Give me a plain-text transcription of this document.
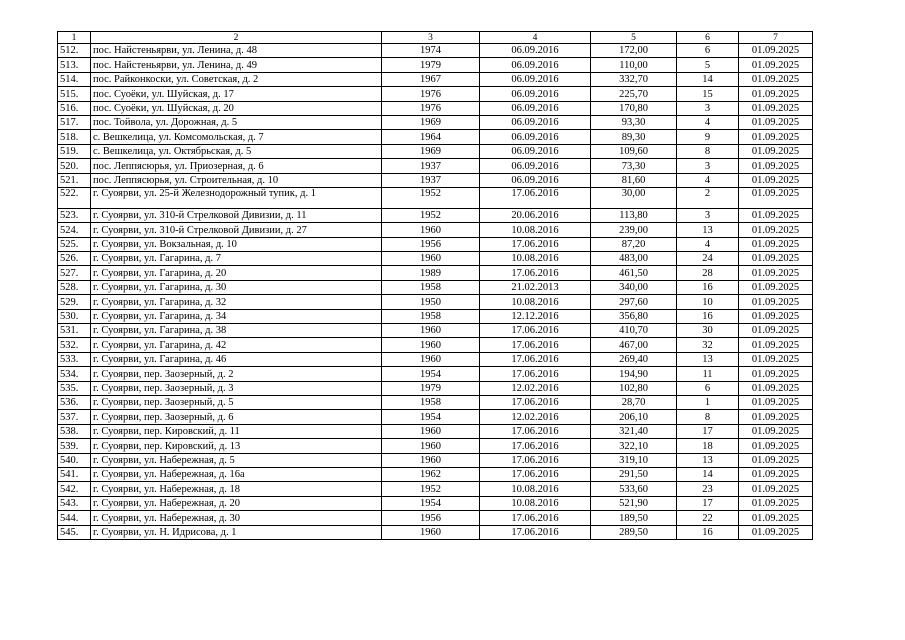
1	2	3	4	5	6	7
512.	пос. Найстеньярви, ул. Ленина, д. 48	1974	06.09.2016	172,00	6	01.09.2025
513.	пос. Найстеньярви, ул. Ленина, д. 49	1979	06.09.2016	110,00	5	01.09.2025
514.	пос. Райконкоски, ул. Советская, д. 2	1967	06.09.2016	332,70	14	01.09.2025
515.	пос. Суоёки, ул. Шуйская, д. 17	1976	06.09.2016	225,70	15	01.09.2025
516.	пос. Суоёки, ул. Шуйская, д. 20	1976	06.09.2016	170,80	3	01.09.2025
517.	пос. Тойвола, ул. Дорожная, д. 5	1969	06.09.2016	93,30	4	01.09.2025
518.	с. Вешкелица, ул. Комсомольская, д. 7	1964	06.09.2016	89,30	9	01.09.2025
519.	с. Вешкелица, ул. Октябрьская, д. 5	1969	06.09.2016	109,60	8	01.09.2025
520.	пос. Леппясюрья, ул. Приозерная, д. 6	1937	06.09.2016	73,30	3	01.09.2025
521.	пос. Леппясюрья, ул. Строительная, д. 10	1937	06.09.2016	81,60	4	01.09.2025
522.	г. Суоярви, ул. 25-й Железнодорожный тупик, д. 1	1952	17.06.2016	30,00	2	01.09.2025
523.	г. Суоярви, ул. 310-й Стрелковой Дивизии, д. 11	1952	20.06.2016	113,80	3	01.09.2025
524.	г. Суоярви, ул. 310-й Стрелковой Дивизии, д. 27	1960	10.08.2016	239,00	13	01.09.2025
525.	г. Суоярви, ул. Вокзальная, д. 10	1956	17.06.2016	87,20	4	01.09.2025
526.	г. Суоярви, ул. Гагарина, д. 7	1960	10.08.2016	483,00	24	01.09.2025
527.	г. Суоярви, ул. Гагарина, д. 20	1989	17.06.2016	461,50	28	01.09.2025
528.	г. Суоярви, ул. Гагарина, д. 30	1958	21.02.2013	340,00	16	01.09.2025
529.	г. Суоярви, ул. Гагарина, д. 32	1950	10.08.2016	297,60	10	01.09.2025
530.	г. Суоярви, ул. Гагарина, д. 34	1958	12.12.2016	356,80	16	01.09.2025
531.	г. Суоярви, ул. Гагарина, д. 38	1960	17.06.2016	410,70	30	01.09.2025
532.	г. Суоярви, ул. Гагарина, д. 42	1960	17.06.2016	467,00	32	01.09.2025
533.	г. Суоярви, ул. Гагарина, д. 46	1960	17.06.2016	269,40	13	01.09.2025
534.	г. Суоярви, пер. Заозерный, д. 2	1954	17.06.2016	194,90	11	01.09.2025
535.	г. Суоярви, пер. Заозерный, д. 3	1979	12.02.2016	102,80	6	01.09.2025
536.	г. Суоярви, пер. Заозерный, д. 5	1958	17.06.2016	28,70	1	01.09.2025
537.	г. Суоярви, пер. Заозерный, д. 6	1954	12.02.2016	206,10	8	01.09.2025
538.	г. Суоярви, пер. Кировский, д. 11	1960	17.06.2016	321,40	17	01.09.2025
539.	г. Суоярви, пер. Кировский, д. 13	1960	17.06.2016	322,10	18	01.09.2025
540.	г. Суоярви, ул. Набережная, д. 5	1960	17.06.2016	319,10	13	01.09.2025
541.	г. Суоярви, ул. Набережная, д. 16а	1962	17.06.2016	291,50	14	01.09.2025
542.	г. Суоярви, ул. Набережная, д. 18	1952	10.08.2016	533,60	23	01.09.2025
543.	г. Суоярви, ул. Набережная, д. 20	1954	10.08.2016	521,90	17	01.09.2025
544.	г. Суоярви, ул. Набережная, д. 30	1956	17.06.2016	189,50	22	01.09.2025
545.	г. Суоярви, ул. Н. Идрисова, д. 1	1960	17.06.2016	289,50	16	01.09.2025
